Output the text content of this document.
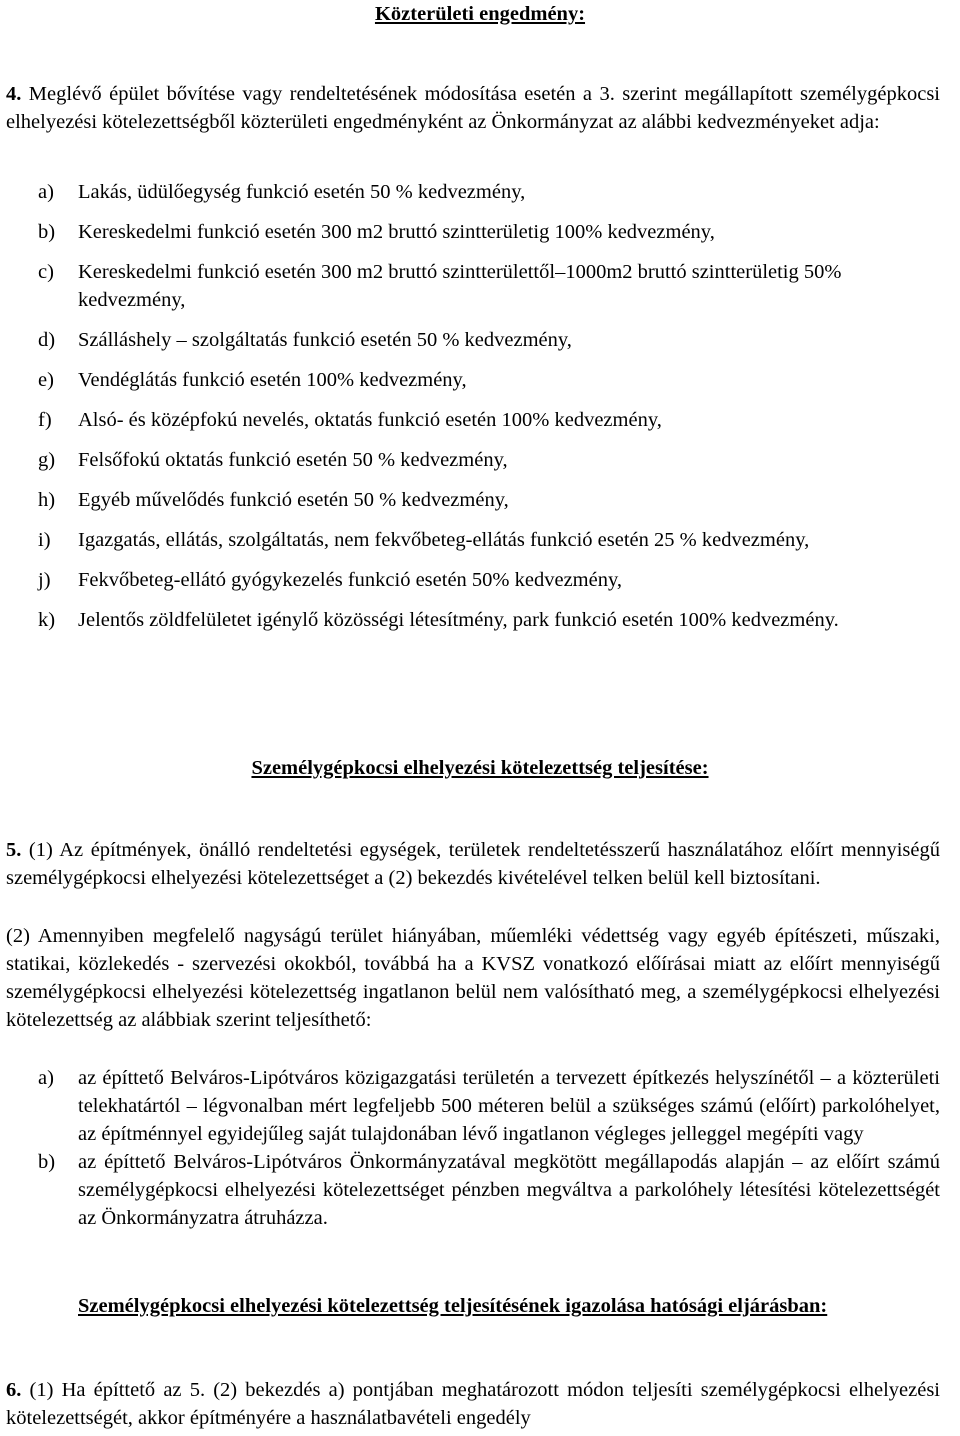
Közterületi engedmény:
4. Meglévő épület bővítése vagy rendeltetésének módosítása esetén a 3. szerint megállapított személygépkocsi elhelyezési kötelezettségből közterületi engedményként az Önkormányzat az alábbi kedvezményeket adja:
a) Lakás, üdülőegység funkció esetén 50 % kedvezmény,
b) Kereskedelmi funkció esetén 300 m2 bruttó szintterületig 100% kedvezmény,
c) Kereskedelmi funkció esetén 300 m2 bruttó szintterülettől–1000m2 bruttó szintterületig 50% kedvezmény,
d) Szálláshely – szolgáltatás funkció esetén 50 % kedvezmény,
e) Vendéglátás funkció esetén 100% kedvezmény,
f) Alsó- és középfokú nevelés, oktatás funkció esetén 100% kedvezmény,
g) Felsőfokú oktatás funkció esetén 50 % kedvezmény,
h) Egyéb művelődés funkció esetén 50 % kedvezmény,
i) Igazgatás, ellátás, szolgáltatás, nem fekvőbeteg-ellátás funkció esetén 25 % kedvezmény,
j) Fekvőbeteg-ellátó gyógykezelés funkció esetén 50% kedvezmény,
k) Jelentős zöldfelületet igénylő közösségi létesítmény, park funkció esetén 100% kedvezmény.
Személygépkocsi elhelyezési kötelezettség teljesítése:
5. (1) Az építmények, önálló rendeltetési egységek, területek rendeltetésszerű használatához előírt mennyiségű személygépkocsi elhelyezési kötelezettséget a (2) bekezdés kivételével telken belül kell biztosítani.
(2) Amennyiben megfelelő nagyságú terület hiányában, műemléki védettség vagy egyéb építészeti, műszaki, statikai, közlekedés - szervezési okokból, továbbá ha a KVSZ vonatkozó előírásai miatt az előírt mennyiségű személygépkocsi elhelyezési kötelezettség ingatlanon belül nem valósítható meg, a személygépkocsi elhelyezési kötelezettség az alábbiak szerint teljesíthető:
a) az építtető Belváros-Lipótváros közigazgatási területén a tervezett építkezés helyszínétől – a közterületi telekhatártól – légvonalban mért legfeljebb 500 méteren belül a szükséges számú (előírt) parkolóhelyet, az építménnyel egyidejűleg saját tulajdonában lévő ingatlanon végleges jelleggel megépíti vagy
b) az építtető Belváros-Lipótváros Önkormányzatával megkötött megállapodás alapján – az előírt számú személygépkocsi elhelyezési kötelezettséget pénzben megváltva a parkolóhely létesítési kötelezettségét az Önkormányzatra átruházza.
Személygépkocsi elhelyezési kötelezettség teljesítésének igazolása hatósági eljárásban:
6. (1) Ha építtető az 5. (2) bekezdés a) pontjában meghatározott módon teljesíti személygépkocsi elhelyezési kötelezettségét, akkor építményére a használatbavételi engedély
